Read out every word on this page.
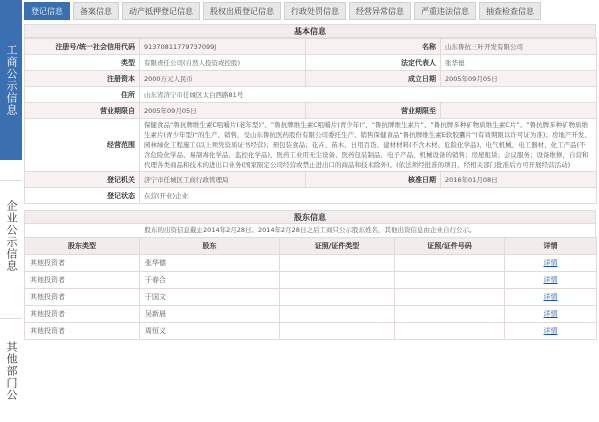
工商公示信息
企业公示信息
其他部门公
登记信息	备案信息	动产抵押登记信息	股权出质登记信息	行政处罚信息	经营异常信息	严重违法信息	抽查检查信息
基本信息
注册号/统一社会信用代码	91370811779737099J	名称	山东鲁抗三叶开发有限公司
类型	有限责任公司(自然人投资或控股)	法定代表人	张华德
注册资本	2000万元人民币	成立日期	2005年09月05日
住所	山东省济宁市任城区太白西路81号		
营业期限自	2005年09月05日	营业期限至	
经营范围	保健食品“鲁抗牌维生素C咀嚼片(老年型)”、“鲁抗牌维生素C咀嚼片(青少年)”、“鲁抗牌维生素片”、“鲁抗牌多种矿物质维生素C片”、“鲁抗牌多种矿物质维生素片(青少年型)”的生产、销售，受山东鲁抗医药股份有限公司委托生产、销售保健食品“鲁抗牌维生素E软胶囊片”(有效期限以许可证为准)；房地产开发、园林绿化工程施工(以上须凭资质证书经营)；预包装食品；花卉、苗木、日用百货、建材材料(不含木材、危险化学品)、电气机械、电工器材、化工产品(不含危险化学品、易制毒化学品、监控化学品)、医药工业用无尘设备、医药包装制品、电子产品、机械设备的销售；房屋租赁；会议服务；设备维修，自营和代理各类商品和技术的进出口业务(国家限定公司经营或禁止进出口的商品和技术除外)。(依法须经批准的项目，经相关部门批准后方可开展经营活动)		
登记机关	济宁市任城区工商行政管理局	核准日期	2016年01月08日
登记状态	在营(开业)企业		
股东信息
股东的出资信息截止2014年2月28日。2014年2月28日之后工商只公示股东姓名，其他出资信息由企业自行公示。
股东类型	股东	证照/证件类型	证照/证件号码	详情
其他投资者	张华德			详情
其他投资者	于春合			详情
其他投资者	于国文			详情
其他投资者	吴新晨			详情
其他投资者	周恒义			详情
